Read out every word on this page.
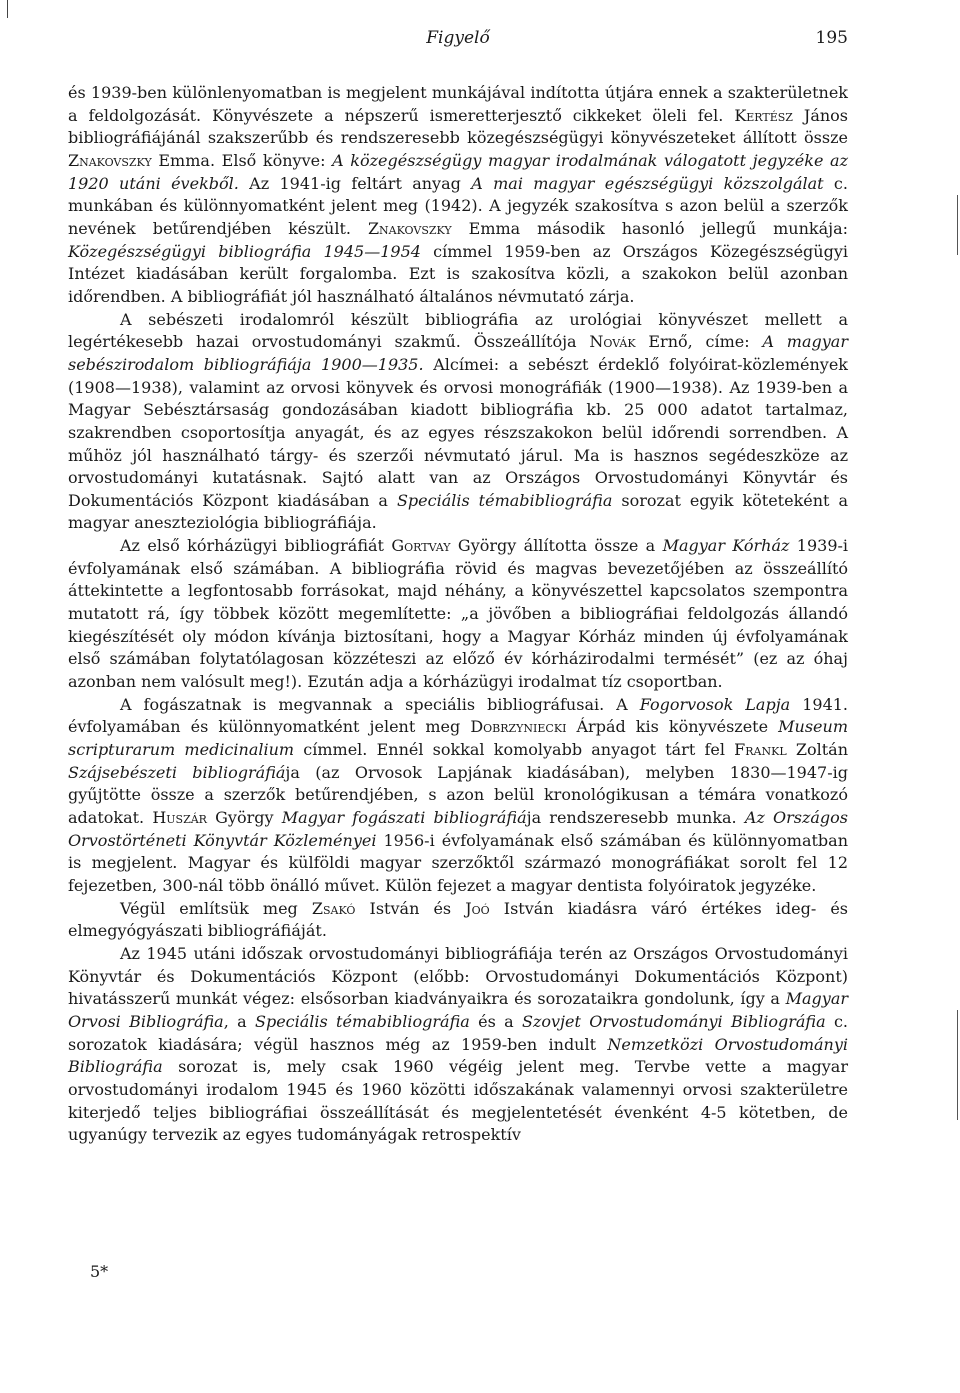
Figyelő	195

és 1939-ben különlenyomatban is megjelent munkájával indította útjára ennek a szakterületnek a feldolgozását. Könyvészete a népszerű ismeretterjesztő cikkeket öleli fel. Kertész János bibliográfiájánál szakszerűbb és rendszeresebb közegészségügyi könyvészeteket állított össze Znakovszky Emma. Első könyve: A közegészségügy magyar irodalmának válogatott jegyzéke az 1920 utáni évekből. Az 1941-ig feltárt anyag A mai magyar egészségügyi közszolgálat c. munkában és különnyomatként jelent meg (1942). A jegyzék szakosítva s azon belül a szerzők nevének betűrendjében készült. Znakovszky Emma második hasonló jellegű munkája: Közegészségügyi bibliográfia 1945—1954 címmel 1959-ben az Országos Közegészségügyi Intézet kiadásában került forgalomba. Ezt is szakosítva közli, a szakokon belül azonban időrendben. A bibliográfiát jól használható általános névmutató zárja.

A sebészeti irodalomról készült bibliográfia az urológiai könyvészet mellett a legértékesebb hazai orvostudományi szakmű. Összeállítója Novák Ernő, címe: A magyar sebészirodalom bibliográfiája 1900—1935. Alcímei: a sebészt érdeklő folyóirat-közlemények (1908—1938), valamint az orvosi könyvek és orvosi monográfiák (1900—1938). Az 1939-ben a Magyar Sebésztársaság gondozásában kiadott bibliográfia kb. 25 000 adatot tartalmaz, szakrendben csoportosítja anyagát, és az egyes részszakokon belül időrendi sorrendben. A műhöz jól használható tárgy- és szerzői névmutató járul. Ma is hasznos segédeszköze az orvostudományi kutatásnak. Sajtó alatt van az Országos Orvostudományi Könyvtár és Dokumentációs Központ kiadásában a Speciális témabibliográfia sorozat egyik köteteként a magyar aneszteziológia bibliográfiája.

Az első kórházügyi bibliográfiát Gortvay György állította össze a Magyar Kórház 1939-i évfolyamának első számában. A bibliográfia rövid és magvas bevezetőjében az összeállító áttekintette a legfontosabb forrásokat, majd néhány, a könyvészettel kapcsolatos szempontra mutatott rá, így többek között megemlítette: „a jövőben a bibliográfiai feldolgozás állandó kiegészítését oly módon kívánja biztosítani, hogy a Magyar Kórház minden új évfolyamának első számában folytatólagosan közzéteszi az előző év kórházirodalmi termését” (ez az óhaj azonban nem valósult meg!). Ezután adja a kórházügyi irodalmat tíz csoportban.

A fogászatnak is megvannak a speciális bibliográfusai. A Fogorvosok Lapja 1941. évfolyamában és különnyomatként jelent meg Dobrzyniecki Árpád kis könyvészete Museum scripturarum medicinalium címmel. Ennél sokkal komolyabb anyagot tárt fel Frankl Zoltán Szájsebészeti bibliográfiája (az Orvosok Lapjának kiadásában), melyben 1830—1947-ig gyűjtötte össze a szerzők betűrendjében, s azon belül kronológikusan a témára vonatkozó adatokat. Huszár György Magyar fogászati bibliográfiája rendszeresebb munka. Az Országos Orvostörténeti Könyvtár Közleményei 1956-i évfolyamának első számában és különnyomatban is megjelent. Magyar és külföldi magyar szerzőktől származó monográfiákat sorolt fel 12 fejezetben, 300-nál több önálló művet. Külön fejezet a magyar dentista folyóiratok jegyzéke.

Végül említsük meg Zsakó István és Joó István kiadásra váró értékes ideg- és elmegyógyászati bibliográfiáját.

Az 1945 utáni időszak orvostudományi bibliográfiája terén az Országos Orvostudományi Könyvtár és Dokumentációs Központ (előbb: Orvostudományi Dokumentációs Központ) hivatásszerű munkát végez: elsősorban kiadványaikra és sorozataikra gondolunk, így a Magyar Orvosi Bibliográfia, a Speciális témabibliográfia és a Szovjet Orvostudományi Bibliográfia c. sorozatok kiadására; végül hasznos még az 1959-ben indult Nemzetközi Orvostudományi Bibliográfia sorozat is, mely csak 1960 végéig jelent meg. Tervbe vette a magyar orvostudományi irodalom 1945 és 1960 közötti időszakának valamennyi orvosi szakterületre kiterjedő teljes bibliográfiai összeállítását és megjelentetését évenként 4-5 kötetben, de ugyanúgy tervezik az egyes tudományágak retrospektív

5*
